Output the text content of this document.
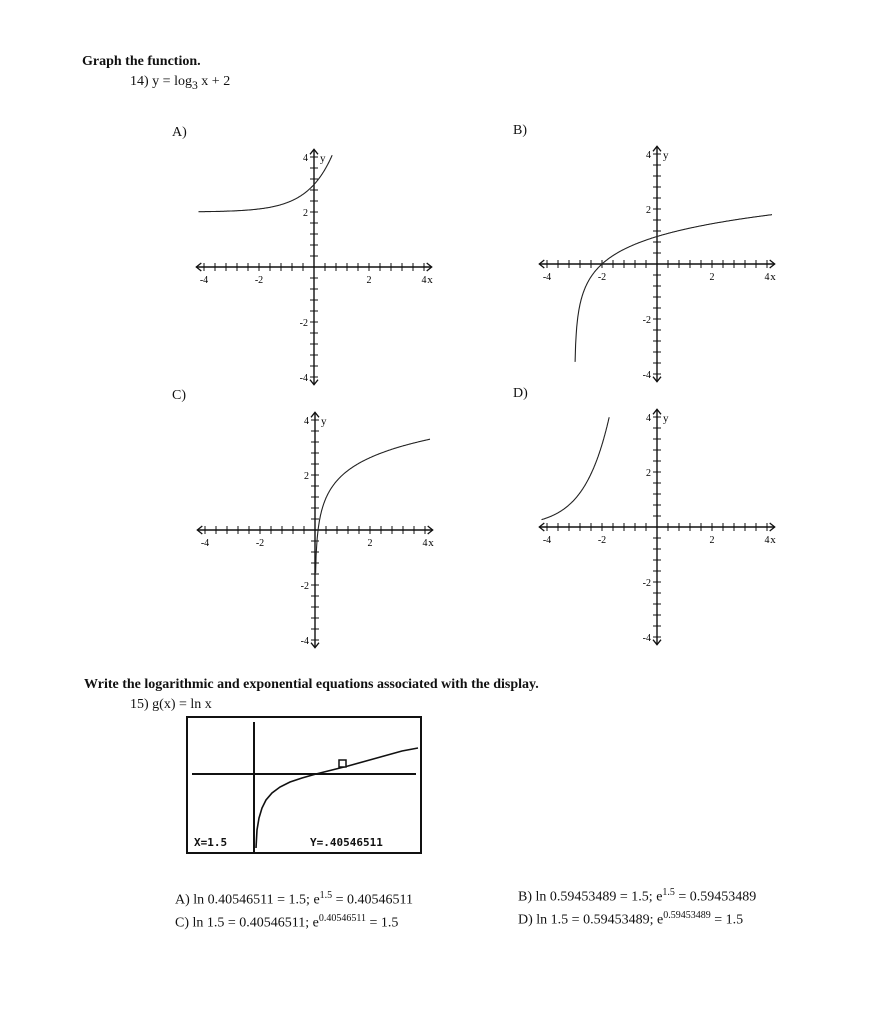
Graph the function.
14) $y = \log_3 x + 2$
A)	B)
C)	D)
-4	-2	2	4
4
2
-2
-4
x
y
-4	-2	2	4
4
2
-2
-4
x
y
-4	-2	2	4
4
2
-2
-4
x
y
-4	-2	2	4
4
2
-2
-4
x
y
Write the logarithmic and exponential equations associated with the display.
15) g(x) = ln x
X=1.5	Y=.40546511
A) ln 0.40546511 = 1.5; $e^{1.5} = 0.40546511$	B) ln 0.59453489 = 1.5; $e^{1.5} = 0.59453489$
C) ln 1.5 = 0.40546511; $e^{0.40546511} = 1.5$	D) ln 1.5 = 0.59453489; $e^{0.59453489} = 1.5$
